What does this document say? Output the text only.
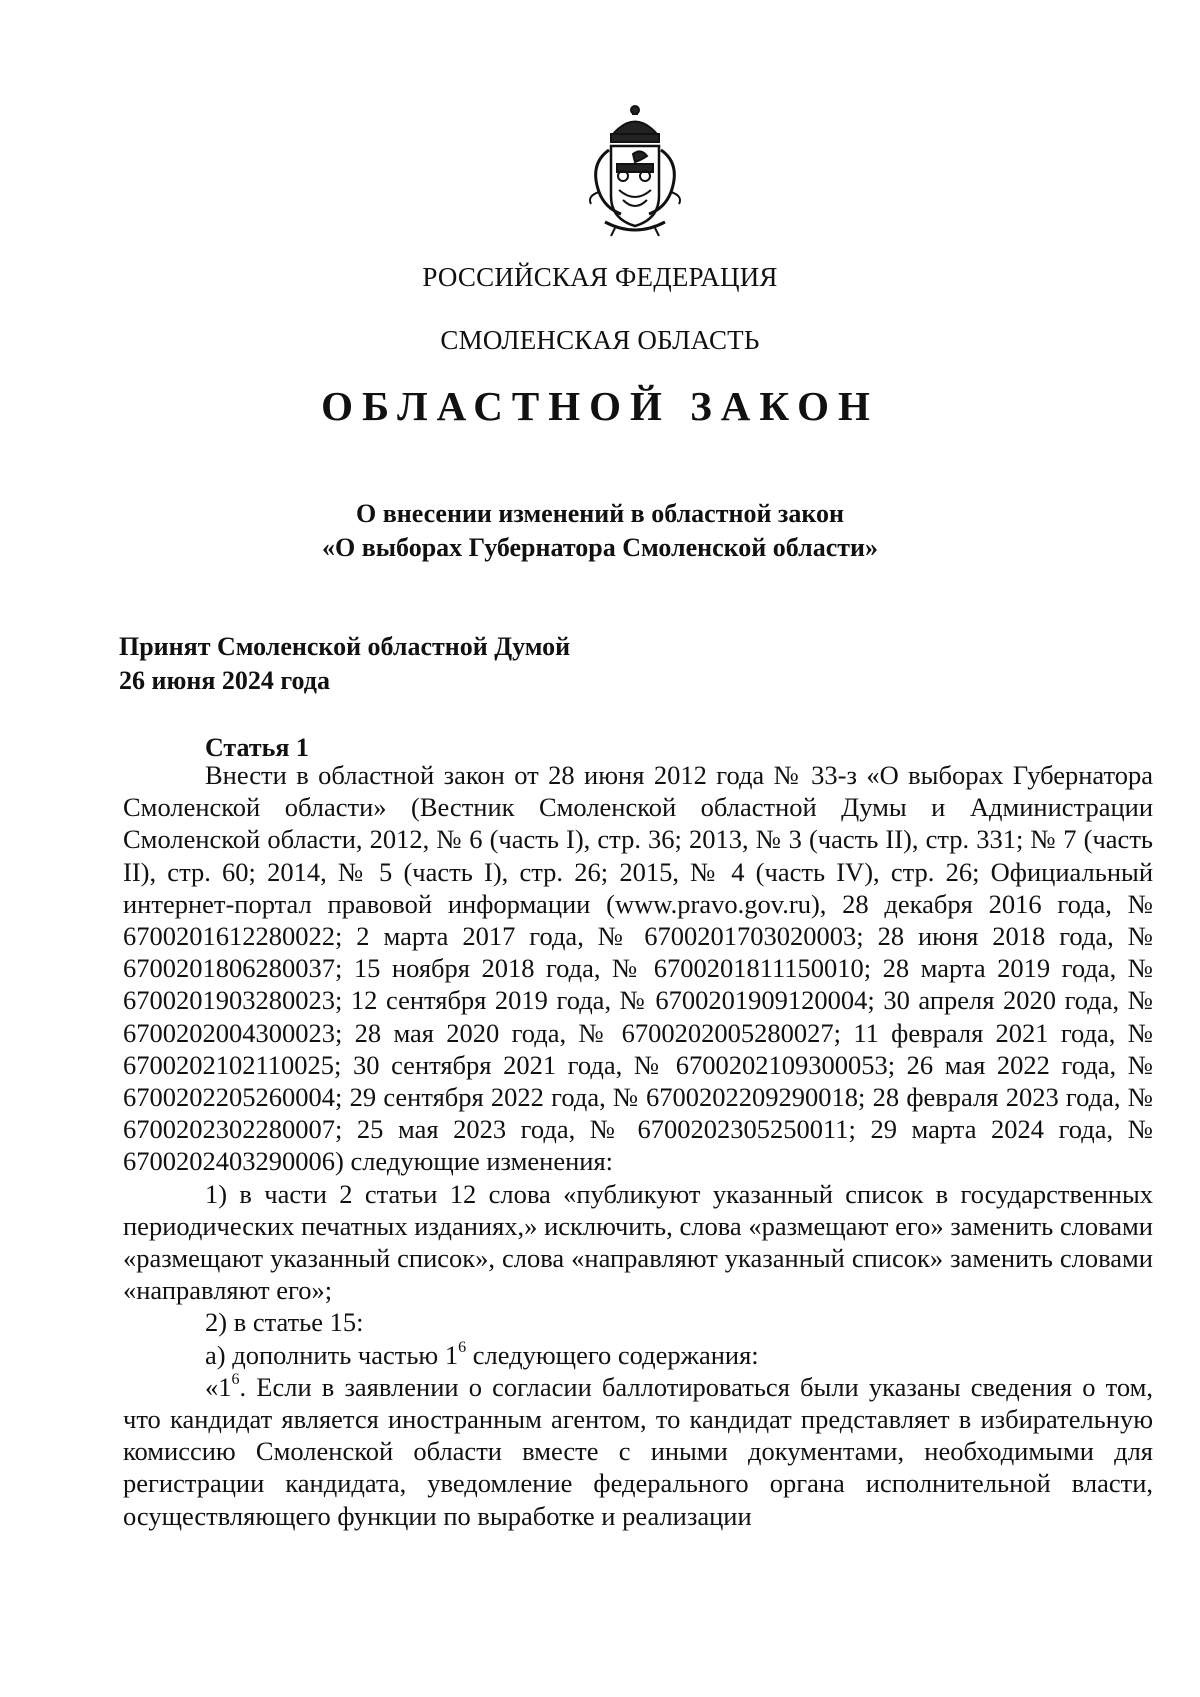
РОССИЙСКАЯ ФЕДЕРАЦИЯ
СМОЛЕНСКАЯ ОБЛАСТЬ
ОБЛАСТНОЙ ЗАКОН
О внесении изменений в областной закон
«О выборах Губернатора Смоленской области»
Принят Смоленской областной Думой
26 июня 2024 года
Статья 1

Внести в областной закон от 28 июня 2012 года № 33-з «О выборах Губернатора Смоленской области» (Вестник Смоленской областной Думы и Администрации Смоленской области, 2012, № 6 (часть I), стр. 36; 2013, № 3 (часть II), стр. 331; № 7 (часть II), стр. 60; 2014, № 5 (часть I), стр. 26; 2015, № 4 (часть IV), стр. 26; Официальный интернет-портал правовой информации (www.pravo.gov.ru), 28 декабря 2016 года, № 6700201612280022; 2 марта 2017 года, № 6700201703020003; 28 июня 2018 года, № 6700201806280037; 15 ноября 2018 года, № 6700201811150010; 28 марта 2019 года, № 6700201903280023; 12 сентября 2019 года, № 6700201909120004; 30 апреля 2020 года, № 6700202004300023; 28 мая 2020 года, № 6700202005280027; 11 февраля 2021 года, № 6700202102110025; 30 сентября 2021 года, № 6700202109300053; 26 мая 2022 года, № 6700202205260004; 29 сентября 2022 года, № 6700202209290018; 28 февраля 2023 года, № 6700202302280007; 25 мая 2023 года, № 6700202305250011; 29 марта 2024 года, № 6700202403290006) следующие изменения:

1) в части 2 статьи 12 слова «публикуют указанный список в государственных периодических печатных изданиях,» исключить, слова «размещают его» заменить словами «размещают указанный список», слова «направляют указанный список» заменить словами «направляют его»;

2) в статье 15:

а) дополнить частью $1^6$ следующего содержания:

«$1^6$. Если в заявлении о согласии баллотироваться были указаны сведения о том, что кандидат является иностранным агентом, то кандидат представляет в избирательную комиссию Смоленской области вместе с иными документами, необходимыми для регистрации кандидата, уведомление федерального органа исполнительной власти, осуществляющего функции по выработке и реализации
